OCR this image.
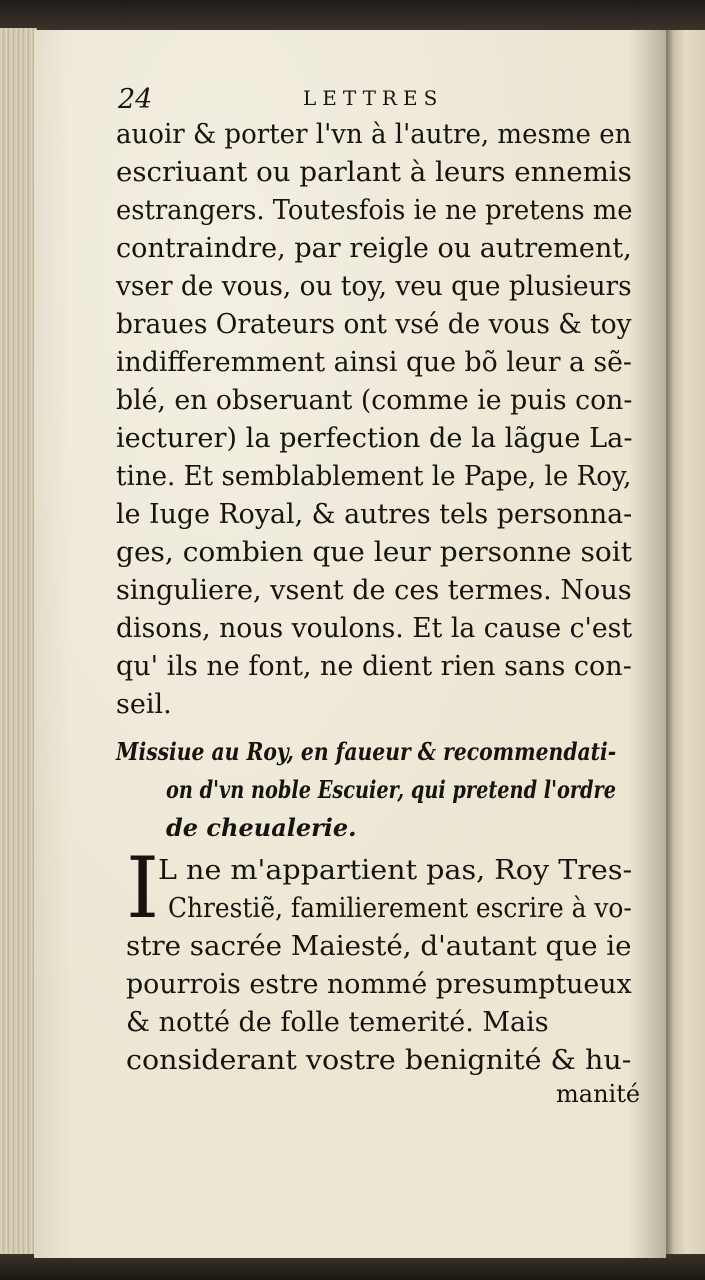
24	LETTRES
auoir & porter l'vn à l'autre, mesme en
escriuant ou parlant à leurs ennemis
estrangers. Toutesfois ie ne pretens me
contraindre, par reigle ou autrement,
vser de vous, ou toy, veu que plusieurs
braues Orateurs ont vsé de vous & toy
indifferemment ainsi que bõ leur a sẽ-
blé, en obseruant (comme ie puis con-
iecturer) la perfection de la lãgue La-
tine. Et semblablement le Pape, le Roy,
le Iuge Royal, & autres tels personna-
ges, combien que leur personne soit
singuliere, vsent de ces termes. Nous
disons, nous voulons. Et la cause c'est
qu' ils ne font, ne dient rien sans con-
seil.
Missiue au Roy, en faueur & recommendati-
on d'vn noble Escuier, qui pretend l'ordre
de cheualerie.
I
L ne m'appartient pas, Roy Tres-
Chrestiẽ, familierement escrire à vo-
stre sacrée Maiesté, d'autant que ie
pourrois estre nommé presumptueux
& notté de folle temerité. Mais
considerant vostre benignité & hu-
manité
